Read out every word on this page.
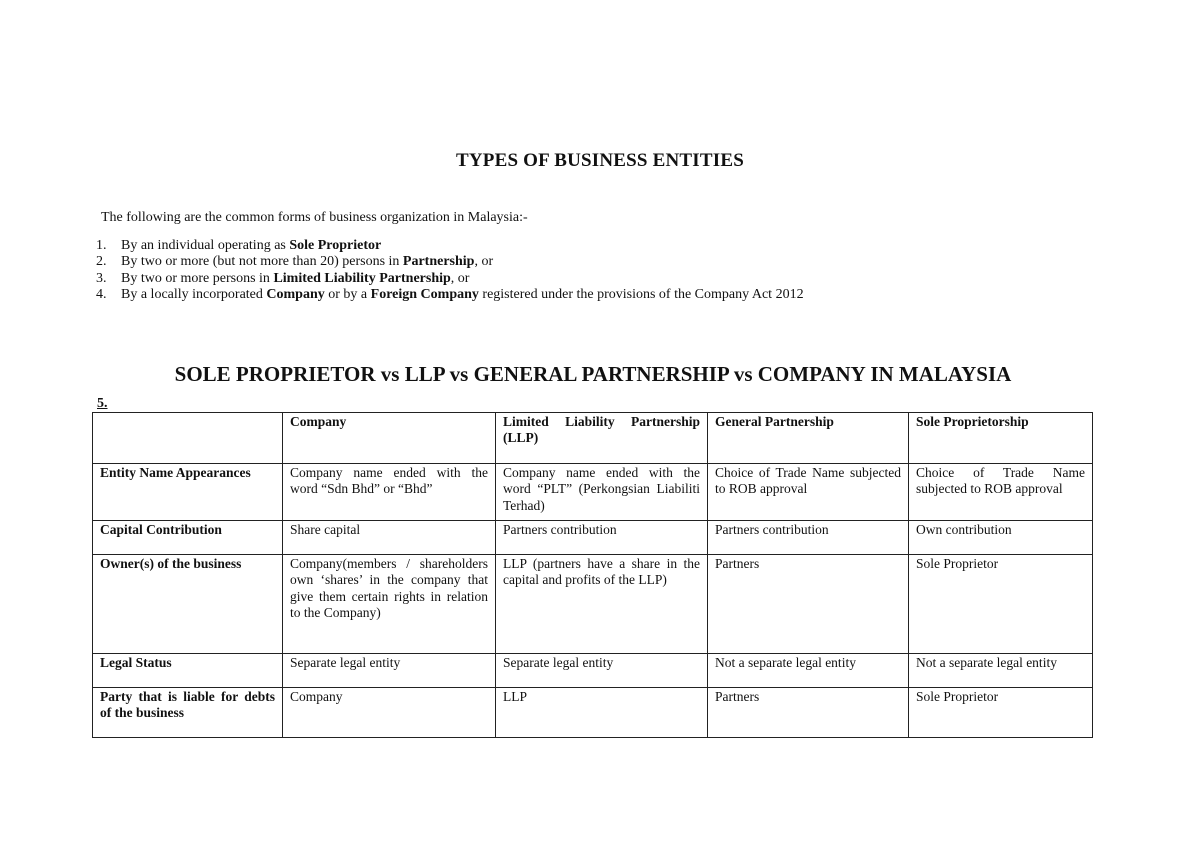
TYPES OF BUSINESS ENTITIES
The following are the common forms of business organization in Malaysia:-
1.	By an individual operating as Sole Proprietor
2.	By two or more (but not more than 20) persons in Partnership, or
3.	By two or more persons in Limited Liability Partnership, or
4.	By a locally incorporated Company or by a Foreign Company registered under the provisions of the Company Act 2012
SOLE PROPRIETOR vs LLP vs GENERAL PARTNERSHIP vs COMPANY IN MALAYSIA
5.
	Company	Limited Liability Partnership (LLP)	General Partnership	Sole Proprietorship
Entity Name Appearances	Company name ended with the word “Sdn Bhd” or “Bhd”	Company name ended with the word “PLT” (Perkongsian Liabiliti Terhad)	Choice of Trade Name subjected to ROB approval	Choice of Trade Name subjected to ROB approval
Capital Contribution	Share capital	Partners contribution	Partners contribution	Own contribution
Owner(s) of the business	Company(members / shareholders own ‘shares’ in the company that give them certain rights in relation to the Company)	LLP (partners have a share in the capital and profits of the LLP)	Partners	Sole Proprietor
Legal Status	Separate legal entity	Separate legal entity	Not a separate legal entity	Not a separate legal entity
Party that is liable for debts of the business	Company	LLP	Partners	Sole Proprietor
